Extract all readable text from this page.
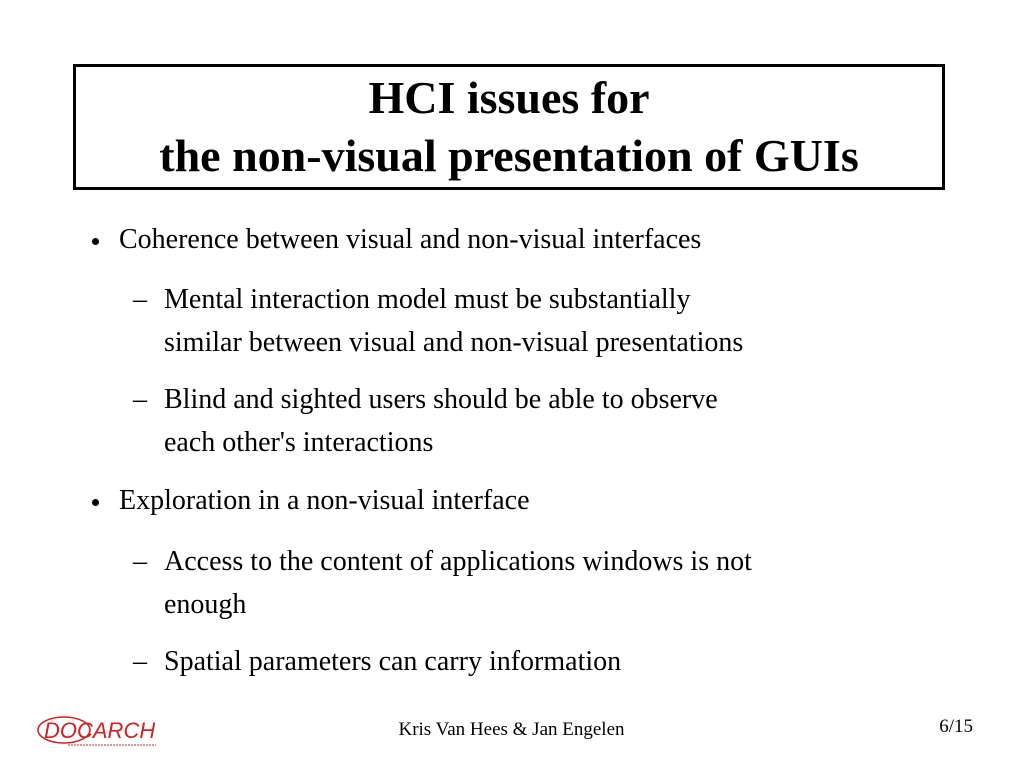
HCI issues for
the non-visual presentation of GUIs
Coherence between visual and non-visual interfaces
– Mental interaction model must be substantially
similar between visual and non-visual presentations
– Blind and sighted users should be able to observe
each other's interactions
Exploration in a non-visual interface
– Access to the content of applications windows is not
enough
– Spatial parameters can carry information
DOCARCH	Kris Van Hees & Jan Engelen	6/15
